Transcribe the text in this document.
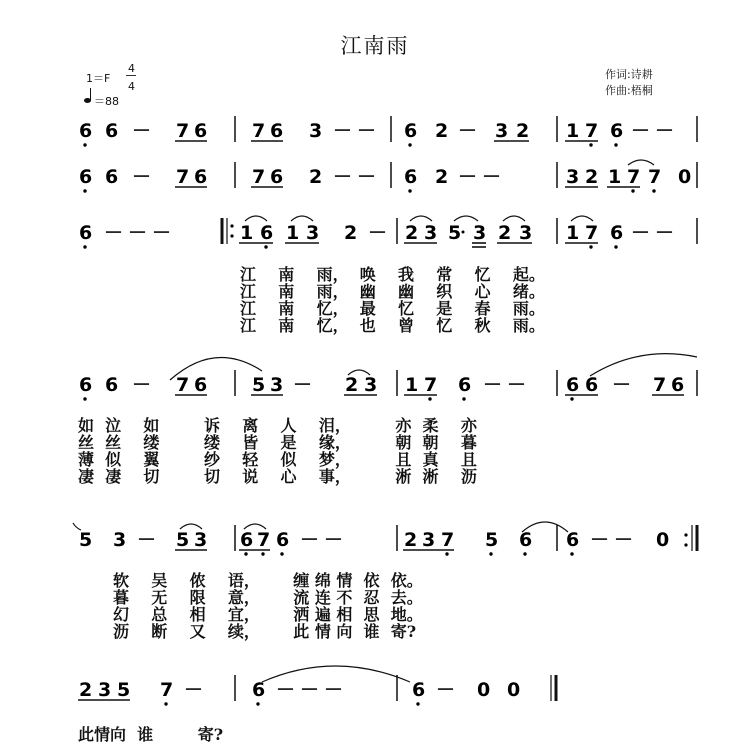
江南雨
1＝F
4
4
＝88
作词:诗耕
作曲:梧桐
6 6 － 7 6 7 6 3 － － 6 2 － 3 2 1 7 6 － －
6 6 － 7 6 7 6 2 － － 6 2 － －	3 2 1 7 7 0
6 － － －	1 6 1 3 2 － 2 3 5 3 2 3 1 7 6 － －
6 6 － 7 6 5 3 － 2 3 1 7 6 － － 6 6 － 7 6
5 3 － 5 3 6 7 6 － －	2 3 7 5 6 6 － － 0
2 3 5 7 －	6 － － －	6 － 0 0
江    南    雨，  唤    我    常    忆    起。
江    南    雨，  幽    幽    织    心    绪。
江    南    忆，  最    忆    是    春    雨。
江    南    忆，  也    曾    忆    秋    雨。
如  泣    如        诉    离    人    泪，        亦  柔    亦
丝  丝    缕        缕    皆    是    缘，        朝  朝    暮
薄  似    翼        纱    轻    似    梦，        且  真    且
凄  凄    切        切    说    心    事，        淅  淅    沥
软    吴    侬    语，      缠 绵 情  依  依。
暮    无    限    意，      流 连 不  忍  去。
幻    总    相    宜，      洒 遍 相  思  地。
沥    断    又    续，      此 情 向  谁  寄?
此情向  谁        寄?
